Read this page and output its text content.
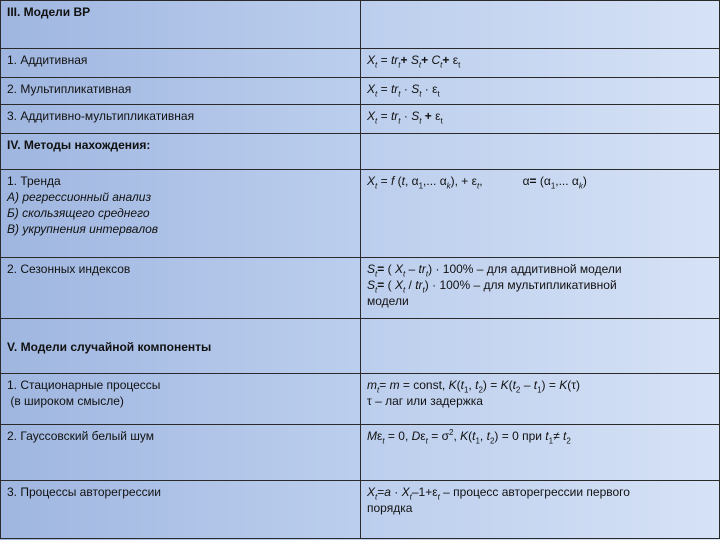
III. Модели ВР	
1. Аддитивная	$X_t = tr_t+ S_t+ C_t+ \varepsilon_t$
2. Мультипликативная	$X_t = tr_t \cdot S_t \cdot \varepsilon_t$
3. Аддитивно-мультипликативная	$X_t = tr_t \cdot S_t + \varepsilon_t$
IV. Методы нахождения:	

1. Тренда
А) регрессионный анализ
Б) скользящего среднего
В) укрупнения интервалов	$X_t = f$ (t, $\alpha_1$,... $\alpha_k$), + $\varepsilon_t$, $\alpha= (\alpha_1$,... $\alpha_k$)
2. Сезонных индексов	$S_t=$ ( $X_t - tr_t) \cdot 100\%$ – для аддитивной модели
$S_t=$ ( $X_t / tr_t) \cdot 100\%$ – для мультипликативной
модели

V. Модели случайной компоненты	

1. Стационарные процессы
(в широком смысле)	$m_t= m$ = const, $K(t_1$, $t_2) = K(t_2 - t_1) = K(\tau)$
τ – лаг или задержка

2. Гауссовский белый шум	$M\varepsilon_t = 0$, $D\varepsilon_t = \sigma^2$, $K(t_1$, $t_2) = 0$ при $t_1\ne t_2$
3. Процессы авторегрессии	$X_t=a \cdot X_t-1+\varepsilon_t$ – процесс авторегрессии первого
порядка
